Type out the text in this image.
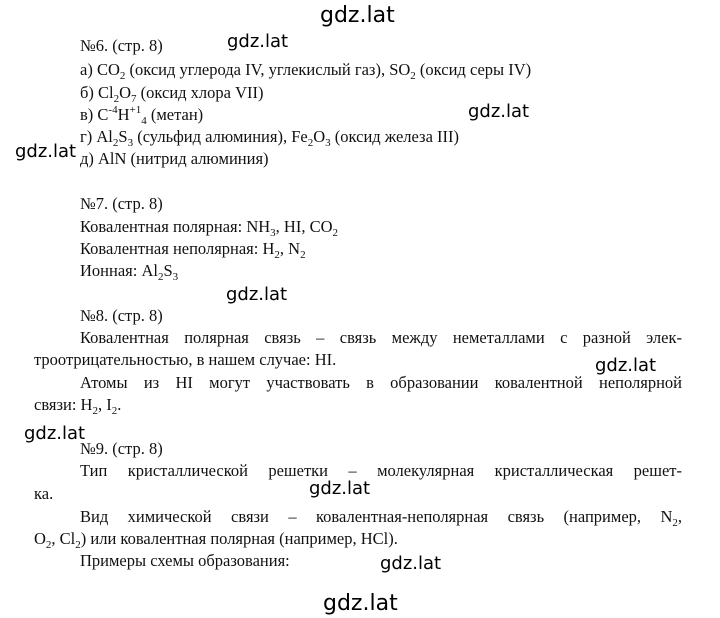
gdz.lat
gdz.lat
gdz.lat
gdz.lat
gdz.lat
gdz.lat
gdz.lat
gdz.lat
gdz.lat
gdz.lat
№6. (стр. 8)
а) $CO_2$ (оксид углерода IV, углекислый газ), $SO_2$ (оксид серы IV)
б) $Cl_2O_7$ (оксид хлора VII)
в) $C^{-4}H^{+1}_4$ (метан)
г) $Al_2S_3$ (сульфид алюминия), $Fe_2O_3$ (оксид железа III)
д) AlN (нитрид алюминия)
№7. (стр. 8)
Ковалентная полярная: $NH_3$, HI, $CO_2$
Ковалентная неполярная: $H_2$, $N_2$
Ионная: $Al_2S_3$
№8. (стр. 8)
Ковалентная полярная связь – связь между неметаллами с разной элек-
троотрицательностью, в нашем случае: HI.
Атомы из HI могут участвовать в образовании ковалентной неполярной
связи: $H_2$, $I_2$.
№9. (стр. 8)
Тип кристаллической решетки – молекулярная кристаллическая решет-
ка.
Вид химической связи – ковалентная-неполярная связь (например, $N_2$,
$O_2$, $Cl_2$) или ковалентная полярная (например, HCl).
Примеры схемы образования:
